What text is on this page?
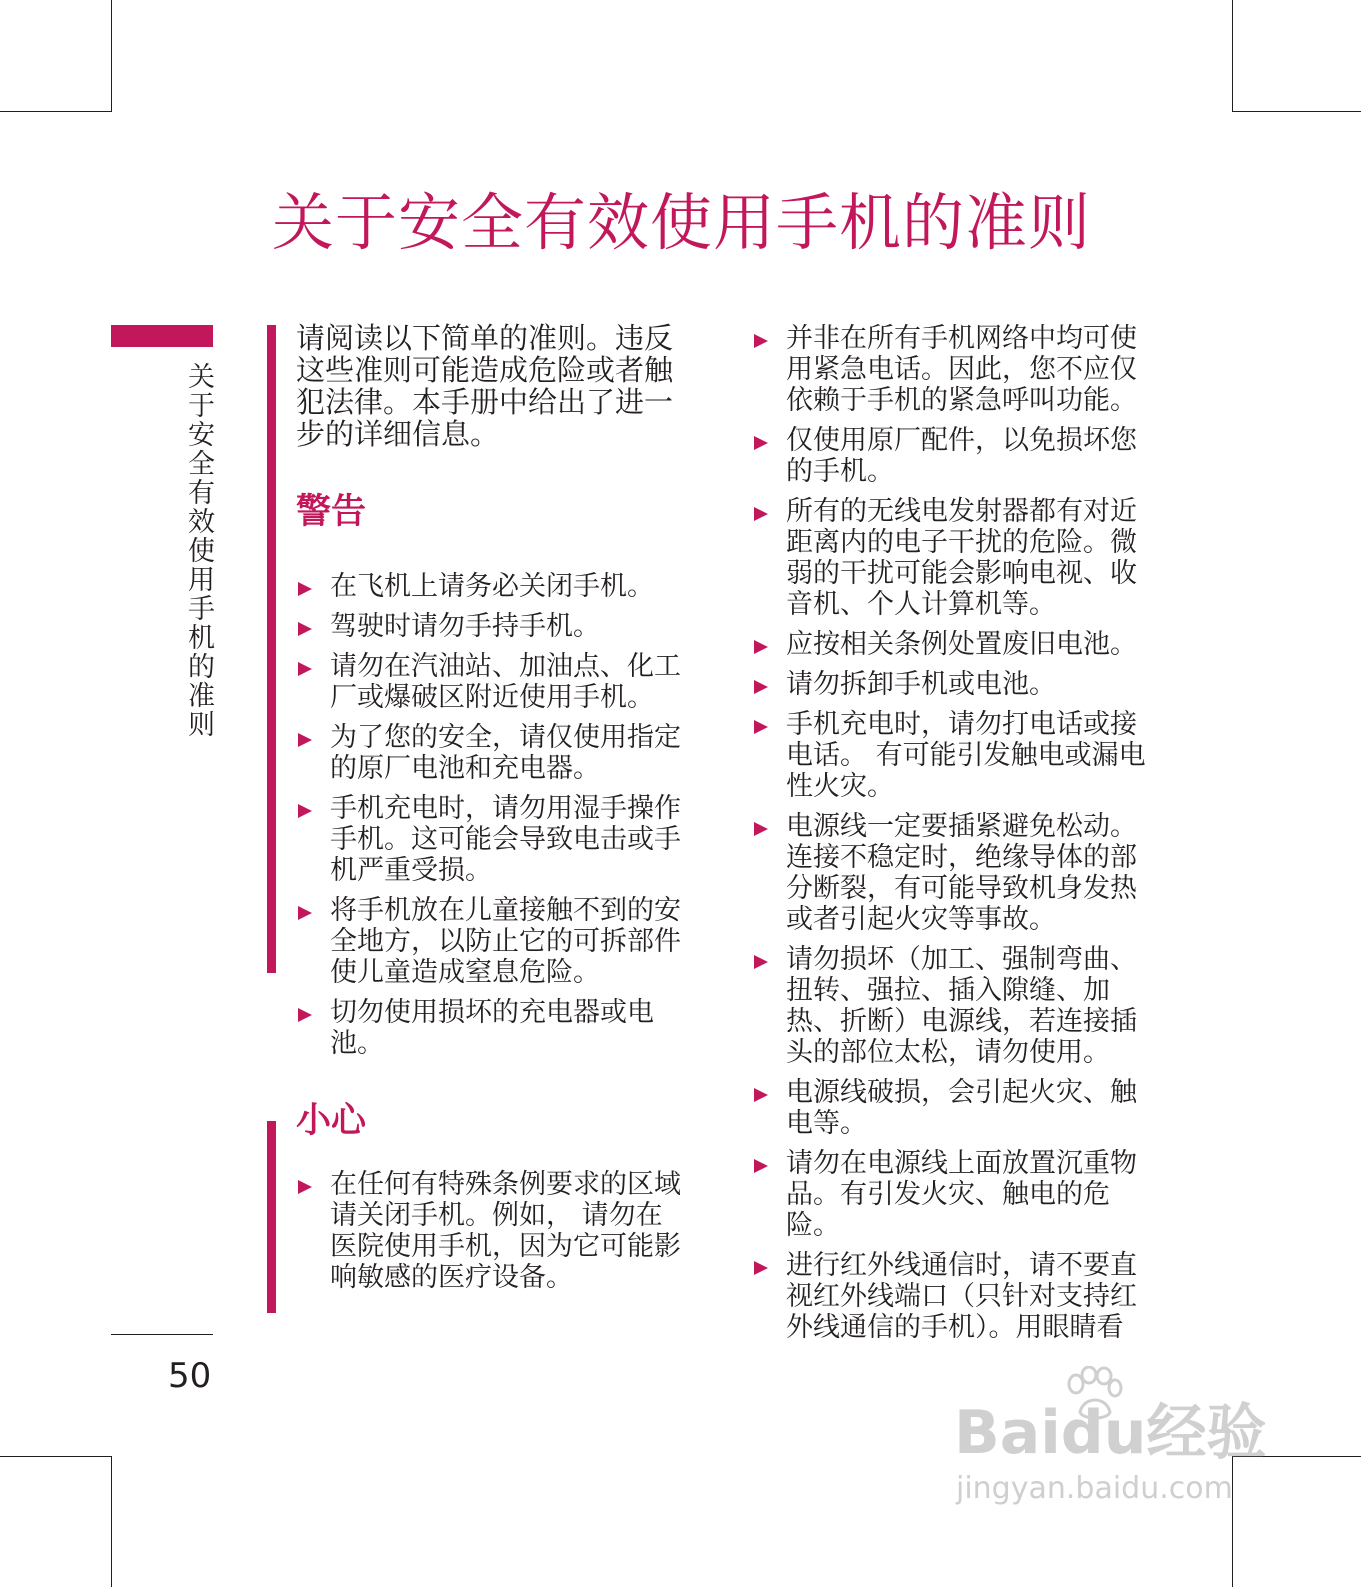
关于安全有效使用手机的准则
关于安全有效使用手机的准则
50

请阅读以下简单的准则。违反这些准则可能造成危险或者触犯法律。本手册中给出了进一步的详细信息。

警告
在飞机上请务必关闭手机。
驾驶时请勿手持手机。
请勿在汽油站、加油点、化工厂或爆破区附近使用手机。
为了您的安全，请仅使用指定的原厂电池和充电器。
手机充电时，请勿用湿手操作手机。这可能会导致电击或手机严重受损。
将手机放在儿童接触不到的安全地方，以防止它的可拆部件使儿童造成窒息危险。
切勿使用损坏的充电器或电池。
小心
在任何有特殊条例要求的区域请关闭手机。例如， 请勿在医院使用手机，因为它可能影响敏感的医疗设备。
并非在所有手机网络中均可使用紧急电话。因此，您不应仅依赖于手机的紧急呼叫功能。
仅使用原厂配件，以免损坏您的手机。
所有的无线电发射器都有对近距离内的电子干扰的危险。微弱的干扰可能会影响电视、收音机、个人计算机等。
应按相关条例处置废旧电池。
请勿拆卸手机或电池。
手机充电时，请勿打电话或接电话。 有可能引发触电或漏电性火灾。
电源线一定要插紧避免松动。连接不稳定时，绝缘导体的部分断裂，有可能导致机身发热或者引起火灾等事故。
请勿损坏（加工、强制弯曲、扭转、强拉、插入隙缝、加热、折断）电源线，若连接插头的部位太松，请勿使用。
电源线破损，会引起火灾、触电等。
请勿在电源线上面放置沉重物品。有引发火灾、触电的危险。
进行红外线通信时，请不要直视红外线端口（只针对支持红外线通信的手机）。用眼睛看
Baidu经验
jingyan.baidu.com
